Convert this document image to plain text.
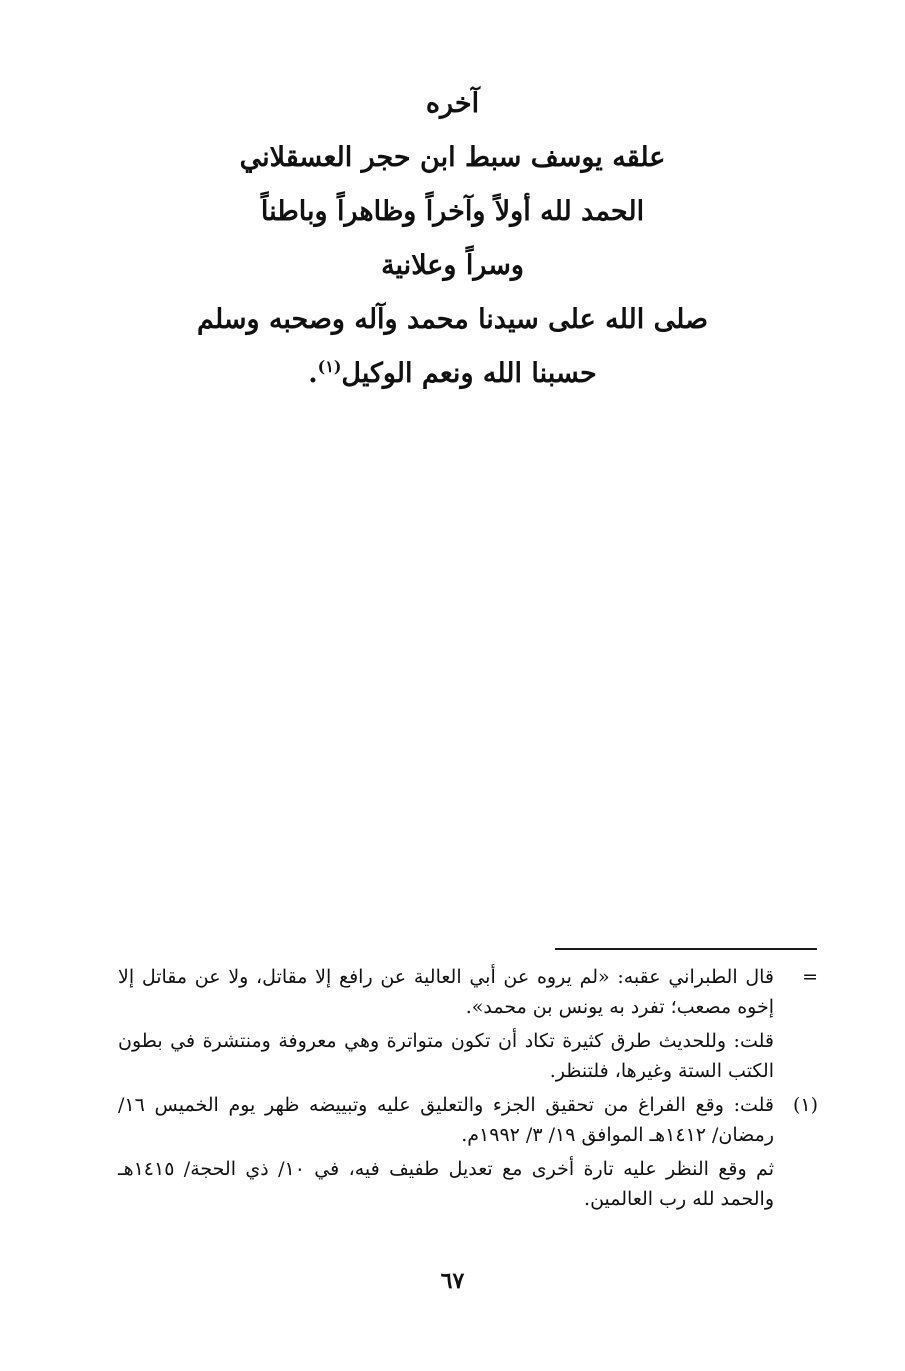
آخره
علقه يوسف سبط ابن حجر العسقلاني
الحمد لله أولاً وآخراً وظاهراً وباطناً
وسراً وعلانية
صلى الله على سيدنا محمد وآله وصحبه وسلم
حسبنا الله ونعم الوكيل$^{(١)}$.
=

قال الطبراني عقبه: «لم يروه عن أبي العالية عن رافع إلا مقاتل، ولا عن مقاتل إلا إخوه مصعب؛ تفرد به يونس بن محمد».

قلت: وللحديث طرق كثيرة تكاد أن تكون متواترة وهي معروفة ومنتشرة في بطون الكتب الستة وغيرها، فلتنظر.

(١)

قلت: وقع الفراغ من تحقيق الجزء والتعليق عليه وتبييضه ظهر يوم الخميس ١٦/ رمضان/ ١٤١٢هـ الموافق ١٩/ ٣/ ١٩٩٢م.

ثم وقع النظر عليه تارة أخرى مع تعديل طفيف فيه، في ١٠/ ذي الحجة/ ١٤١٥هـ والحمد لله رب العالمين.

٦٧
